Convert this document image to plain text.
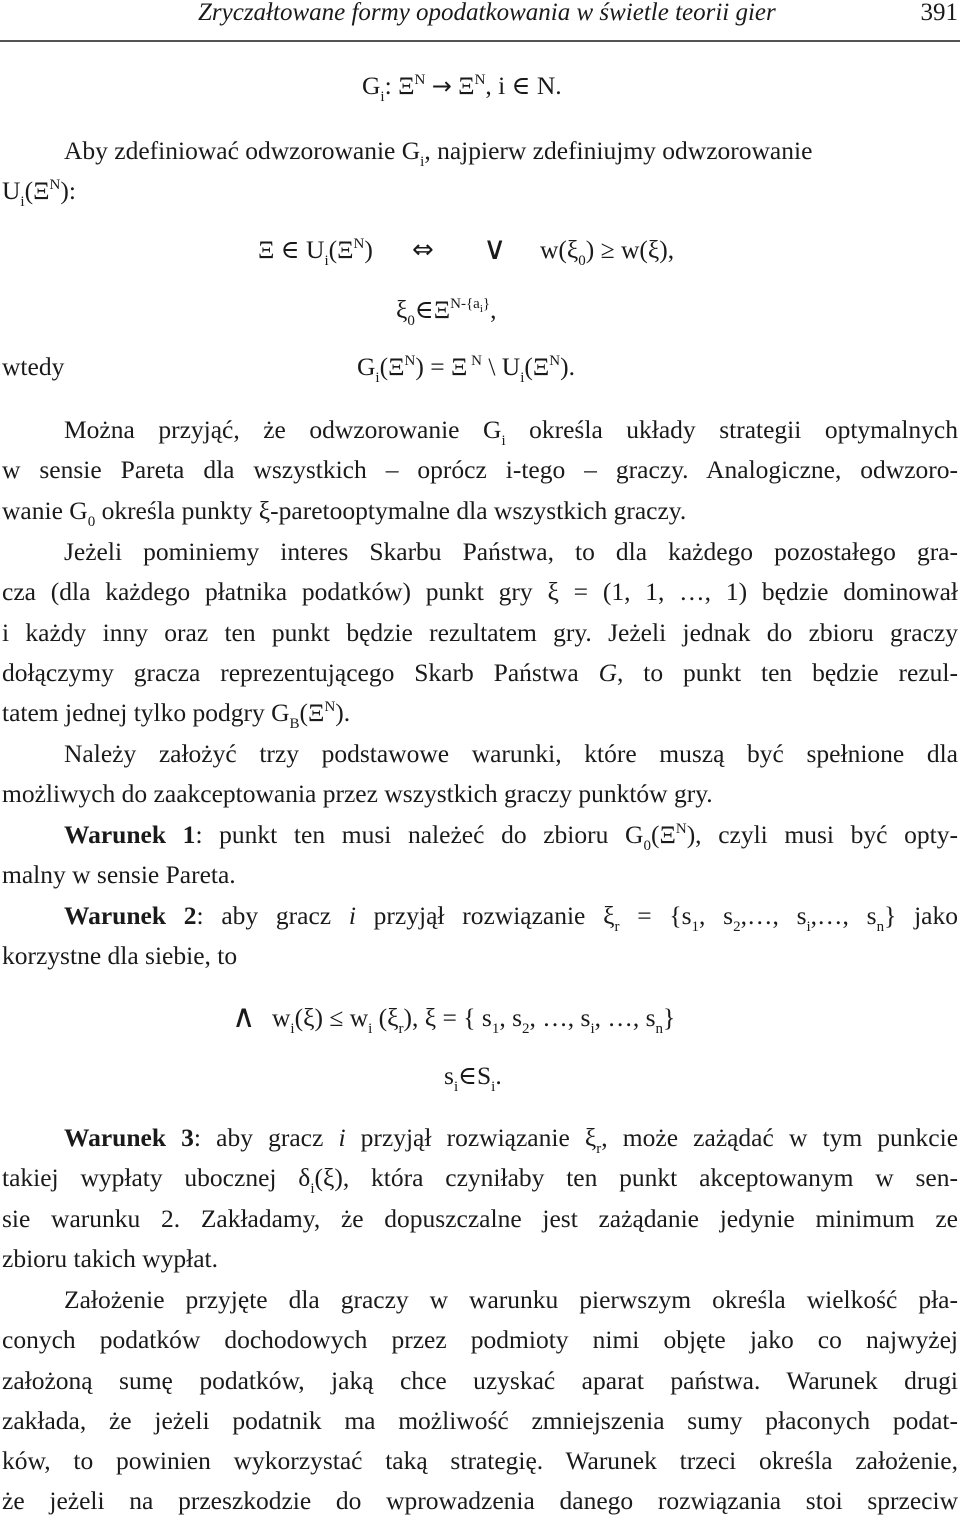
Zryczałtowane formy opodatkowania w świetle teorii gier	391
$G_i$: $\Xi^N \to \Xi^N$, i ∈ N.
Aby zdefiniować odwzorowanie $G_i$, najpierw zdefiniujmy odwzorowanie
$U_i(\Xi^N)$:
Ξ ∈ $U_i(\Xi^N)$ ⇔ ∨ $w(\xi_0) \ge w(\xi)$,
$\xi_0\in\Xi^{N-\{ai\}}$,
wtedy	$G_i(\Xi^N) = \Xi$ $^N$ \ $U_i(\Xi^N)$.
Można przyjąć, że odwzorowanie $G_i$ określa układy strategii optymalnych
w sensie Pareta dla wszystkich – oprócz i-tego – graczy. Analogiczne, odwzoro-
wanie $G_0$ określa punkty ξ-paretooptymalne dla wszystkich graczy.
Jeżeli pominiemy interes Skarbu Państwa, to dla każdego pozostałego gra-
cza (dla każdego płatnika podatków) punkt gry ξ = (1, 1, …, 1) będzie dominował
i każdy inny oraz ten punkt będzie rezultatem gry. Jeżeli jednak do zbioru graczy
dołączymy gracza reprezentującego Skarb Państwa G, to punkt ten będzie rezul-
tatem jednej tylko podgry $G_B(\Xi^N)$.
Należy założyć trzy podstawowe warunki, które muszą być spełnione dla
możliwych do zaakceptowania przez wszystkich graczy punktów gry.
Warunek 1: punkt ten musi należeć do zbioru $G_0(\Xi^N)$, czyli musi być opty-
malny w sensie Pareta.
Warunek 2: aby gracz i przyjął rozwiązanie $\xi_r = \{s_1$, $s_2,\dots$, $s_i,\dots$, $s_n$} jako
korzystne dla siebie, to
∧ $w_i(\xi) \le w_i$ $(\xi_r)$, ξ = { $s_1$, $s_2$, …, $s_i$, …, $s_n$}
$s_i\in S_i$.
Warunek 3: aby gracz i przyjął rozwiązanie $\xi_r$, może zażądać w tym punkcie
takiej wypłaty ubocznej $\delta_i(\xi)$, która czyniłaby ten punkt akceptowanym w sen-
sie warunku 2. Zakładamy, że dopuszczalne jest zażądanie jedynie minimum ze
zbioru takich wypłat.
Założenie przyjęte dla graczy w warunku pierwszym określa wielkość pła-
conych podatków dochodowych przez podmioty nimi objęte jako co najwyżej
założoną sumę podatków, jaką chce uzyskać aparat państwa. Warunek drugi
zakłada, że jeżeli podatnik ma możliwość zmniejszenia sumy płaconych podat-
ków, to powinien wykorzystać taką strategię. Warunek trzeci określa założenie,
że jeżeli na przeszkodzie do wprowadzenia danego rozwiązania stoi sprzeciw
